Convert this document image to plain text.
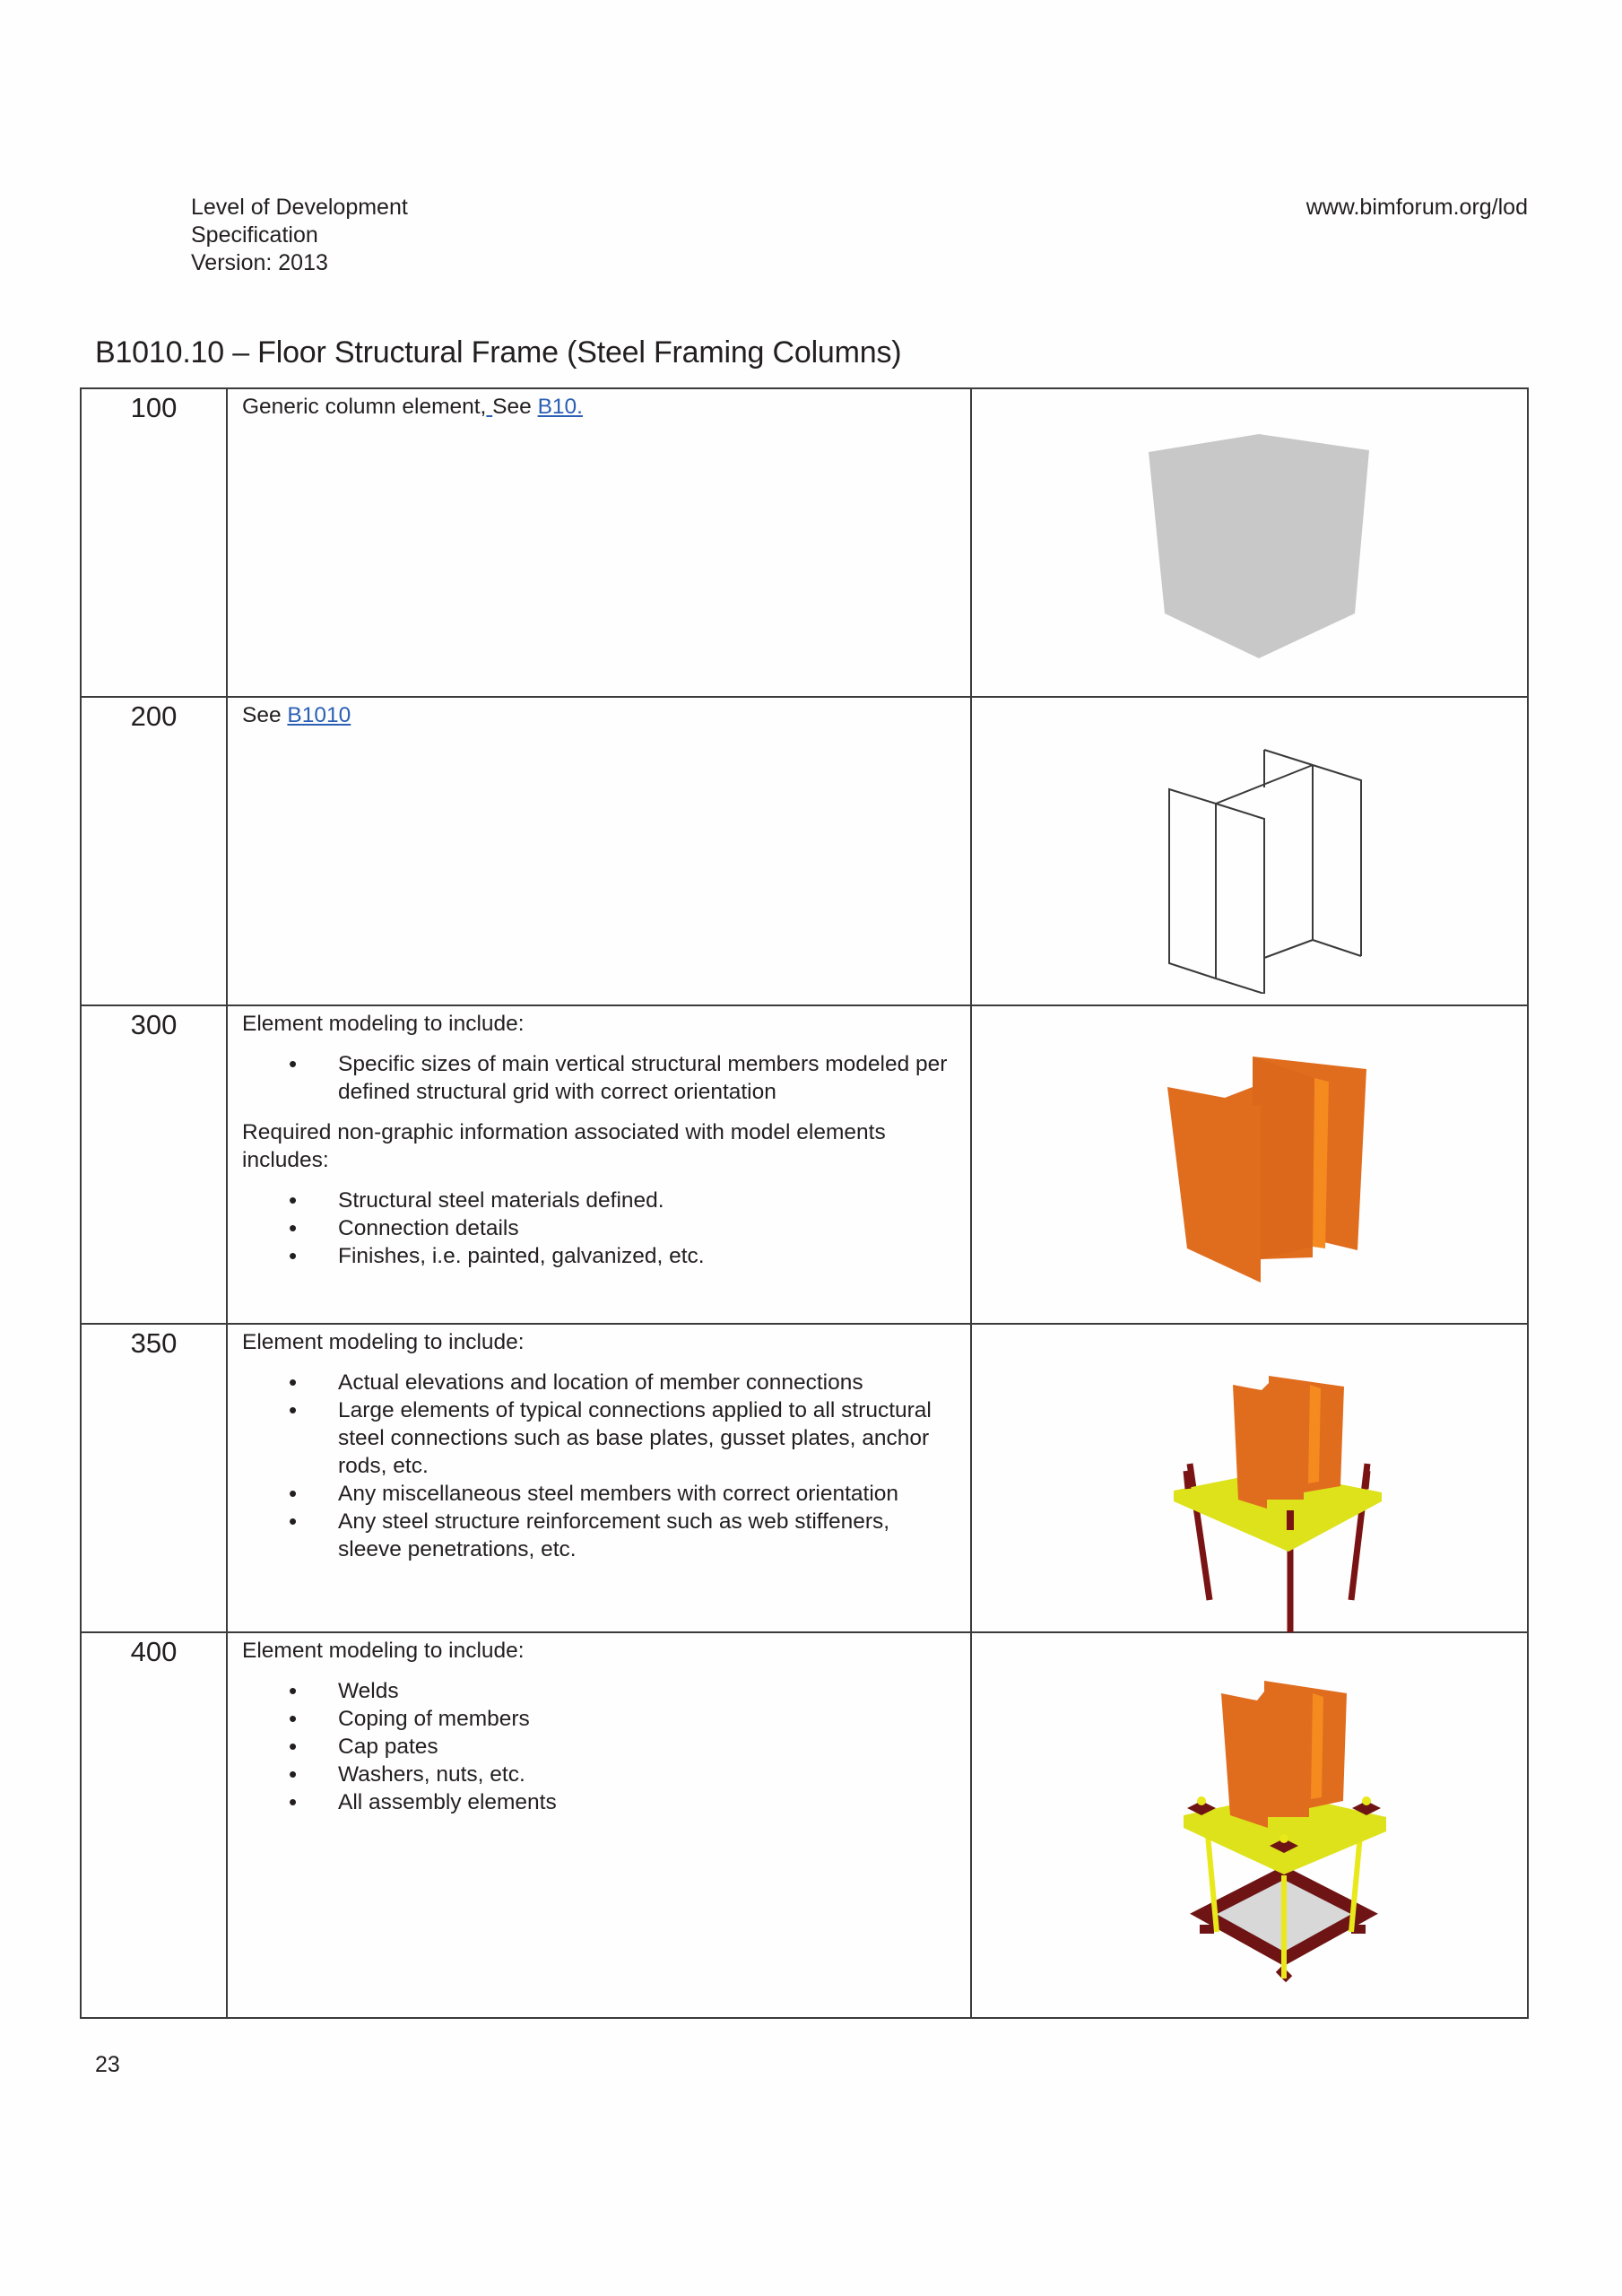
Level of Development
Specification
Version: 2013
www.bimforum.org/lod
B1010.10 – Floor Structural Frame (Steel Framing Columns)
100	Generic column element, See B10.	

200	See B1010	

300	Element modeling to include:

• Specific sizes of main vertical structural members modeled per defined structural grid with correct orientation

Required non-graphic information associated with model elements includes:

• Structural steel materials defined.
• Connection details
• Finishes, i.e. painted, galvanized, etc.

350	Element modeling to include:

• Actual elevations and location of member connections
• Large elements of typical connections applied to all structural steel connections such as base plates, gusset plates, anchor rods, etc.
• Any miscellaneous steel members with correct orientation
• Any steel structure reinforcement such as web stiffeners, sleeve penetrations, etc.

400	Element modeling to include:

• Welds
• Coping of members
• Cap pates
• Washers, nuts, etc.
• All assembly elements

23
